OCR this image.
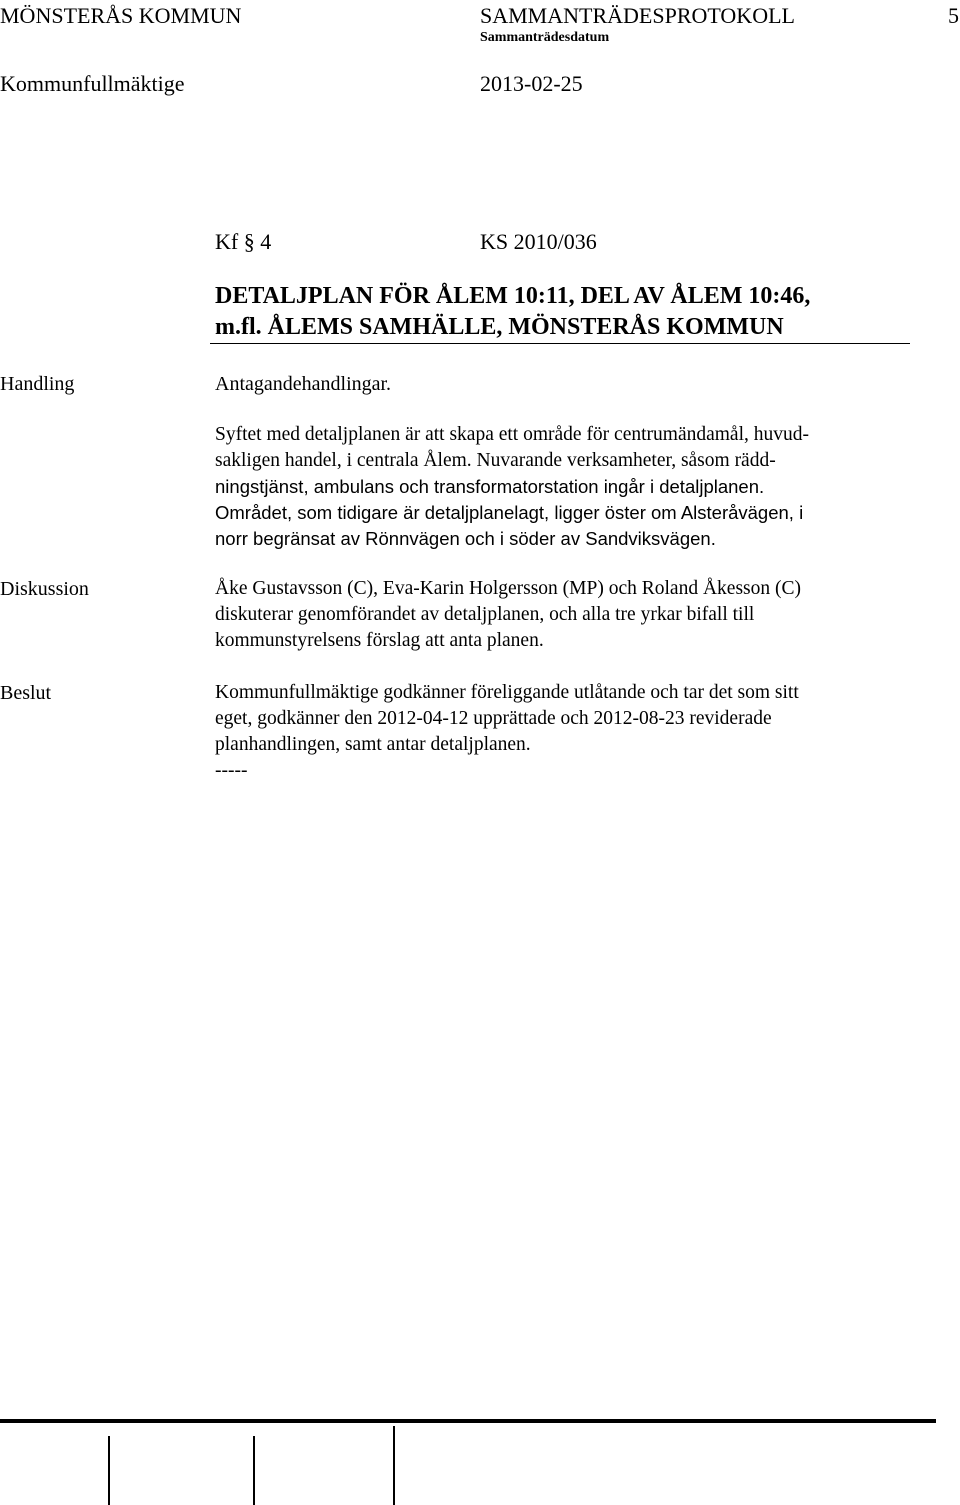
MÖNSTERÅS KOMMUN	SAMMANTRÄDESPROTOKOLL	5
Sammanträdesdatum
Kommunfullmäktige	2013-02-25
Kf § 4	KS 2010/036
DETALJPLAN FÖR ÅLEM 10:11, DEL AV ÅLEM 10:46,
m.fl. ÅLEMS SAMHÄLLE, MÖNSTERÅS KOMMUN
Handling	Antagandehandlingar.
Syftet med detaljplanen är att skapa ett område för centrumändamål, huvud-
sakligen handel, i centrala Ålem. Nuvarande verksamheter, såsom rädd-
ningstjänst, ambulans och transformatorstation ingår i detaljplanen.
Området, som tidigare är detaljplanelagt, ligger öster om Alsteråvägen, i
norr begränsat av Rönnvägen och i söder av Sandviksvägen.
Diskussion	Åke Gustavsson (C), Eva-Karin Holgersson (MP) och Roland Åkesson (C)
diskuterar genomförandet av detaljplanen, och alla tre yrkar bifall till
kommunstyrelsens förslag att anta planen.
Beslut	Kommunfullmäktige godkänner föreliggande utlåtande och tar det som sitt
eget, godkänner den 2012-04-12 upprättade och 2012-08-23 reviderade
planhandlingen, samt antar detaljplanen.
-----
